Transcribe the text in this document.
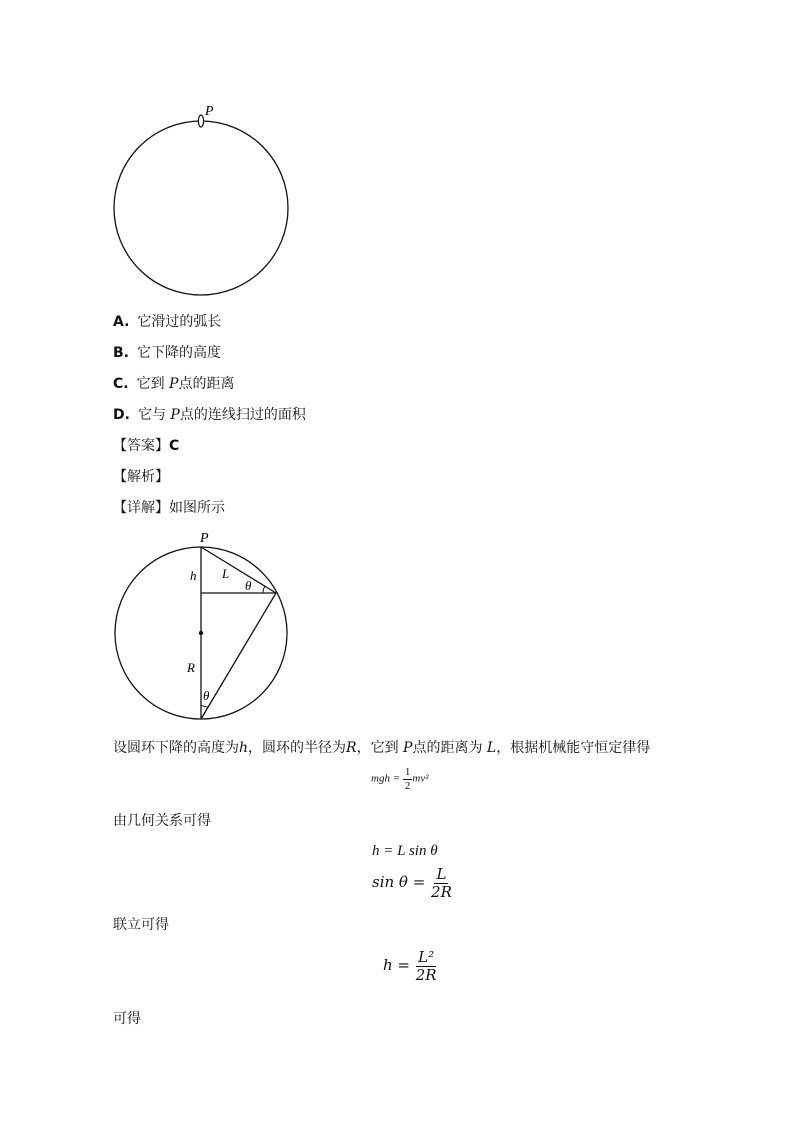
P
A. 它滑过的弧长
B. 它下降的高度
C. 它到 P点的距离
D. 它与 P点的连线扫过的面积
【答案】C
【解析】
【详解】如图所示
P
h L
θ
R
θ
设圆环下降的高度为h，圆环的半径为R，它到 P点的距离为 L，根据机械能守恒定律得
mgh = $\frac{1}{2} mv^2$
由几何关系可得
h = L sin θ
$\sin \theta = \frac{L}{2R}$
联立可得
$h = \frac{\text{L²}}{2R}$
可得
